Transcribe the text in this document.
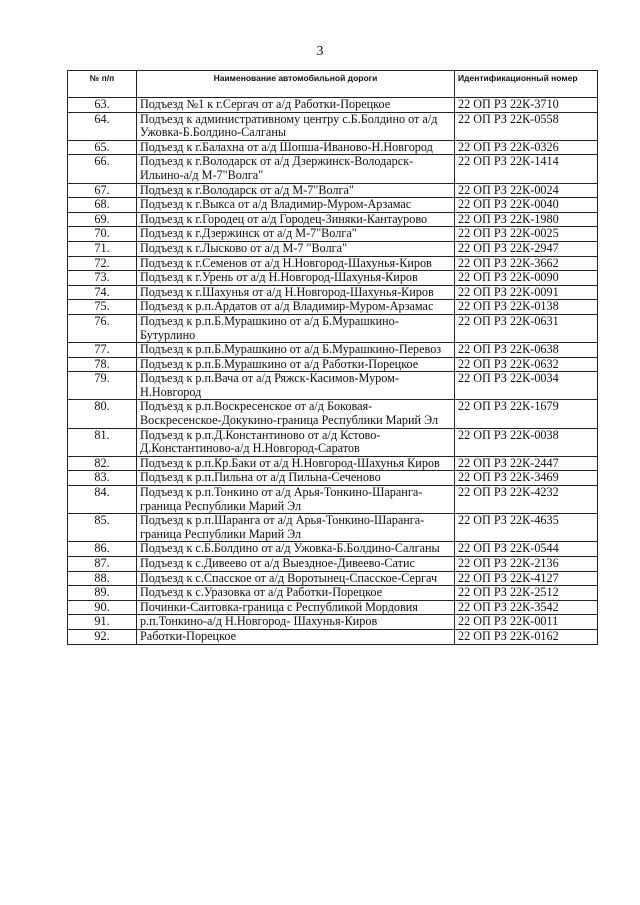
3
№ п/п	Наименование автомобильной дороги	Идентификационный номер
63.	Подъезд №1 к г.Сергач от а/д Работки-Порецкое	22 ОП РЗ 22К-3710
64.	Подъезд к административному центру с.Б.Болдино от а/д Ужовка-Б.Болдино-Салганы	22 ОП РЗ 22К-0558
65.	Подъезд к г.Балахна от а/д Шопша-Иваново-Н.Новгород	22 ОП РЗ 22К-0326
66.	Подъезд к г.Володарск от а/д Дзержинск-Володарск-Ильино-а/д М-7"Волга"	22 ОП РЗ 22К-1414
67.	Подъезд к г.Володарск от а/д М-7"Волга"	22 ОП РЗ 22К-0024
68.	Подъезд к г.Выкса от а/д Владимир-Муром-Арзамас	22 ОП РЗ 22К-0040
69.	Подъезд к г.Городец от а/д Городец-Зиняки-Кантаурово	22 ОП РЗ 22К-1980
70.	Подъезд к г.Дзержинск от а/д М-7"Волга"	22 ОП РЗ 22К-0025
71.	Подъезд к г.Лысково от а/д М-7 "Волга"	22 ОП РЗ 22К-2947
72.	Подъезд к г.Семенов от а/д Н.Новгород-Шахунья-Киров	22 ОП РЗ 22К-3662
73.	Подъезд к г.Урень от а/д Н.Новгород-Шахунья-Киров	22 ОП РЗ 22К-0090
74.	Подъезд к г.Шахунья от а/д Н.Новгород-Шахунья-Киров	22 ОП РЗ 22К-0091
75.	Подъезд к р.п.Ардатов от а/д Владимир-Муром-Арзамас	22 ОП РЗ 22К-0138
76.	Подъезд к р.п.Б.Мурашкино от а/д Б.Мурашкино-Бутурлино	22 ОП РЗ 22К-0631
77.	Подъезд к р.п.Б.Мурашкино от а/д Б.Мурашкино-Перевоз	22 ОП РЗ 22К-0638
78.	Подъезд к р.п.Б.Мурашкино от а/д Работки-Порецкое	22 ОП РЗ 22К-0632
79.	Подъезд к р.п.Вача от а/д Ряжск-Касимов-Муром-Н.Новгород	22 ОП РЗ 22К-0034
80.	Подъезд к р.п.Воскресенское от а/д Боковая-Воскресенское-Докукино-граница Республики Марий Эл	22 ОП РЗ 22К-1679
81.	Подъезд к р.п.Д.Константиново от а/д Кстово-Д.Константиново-а/д Н.Новгород-Саратов	22 ОП РЗ 22К-0038
82.	Подъезд к р.п.Кр.Баки от а/д Н.Новгород-Шахунья Киров	22 ОП РЗ 22К-2447
83.	Подъезд к р.п.Пильна от а/д Пильна-Сеченово	22 ОП РЗ 22К-3469
84.	Подъезд к р.п.Тонкино от а/д Арья-Тонкино-Шаранга-граница Республики Марий Эл	22 ОП РЗ 22К-4232
85.	Подъезд к р.п.Шаранга от а/д Арья-Тонкино-Шаранга-граница Республики Марий Эл	22 ОП РЗ 22К-4635
86.	Подъезд к с.Б.Болдино от а/д Ужовка-Б.Болдино-Салганы	22 ОП РЗ 22К-0544
87.	Подъезд к с.Дивеево от а/д Выездное-Дивеево-Сатис	22 ОП РЗ 22К-2136
88.	Подъезд к с.Спасское от а/д Воротынец-Спасское-Сергач	22 ОП РЗ 22К-4127
89.	Подъезд к с.Уразовка от а/д Работки-Порецкое	22 ОП РЗ 22К-2512
90.	Починки-Саитовка-граница с Республикой Мордовия	22 ОП РЗ 22К-3542
91.	р.п.Тонкино-а/д Н.Новгород- Шахунья-Киров	22 ОП РЗ 22К-0011
92.	Работки-Порецкое	22 ОП РЗ 22К-0162
